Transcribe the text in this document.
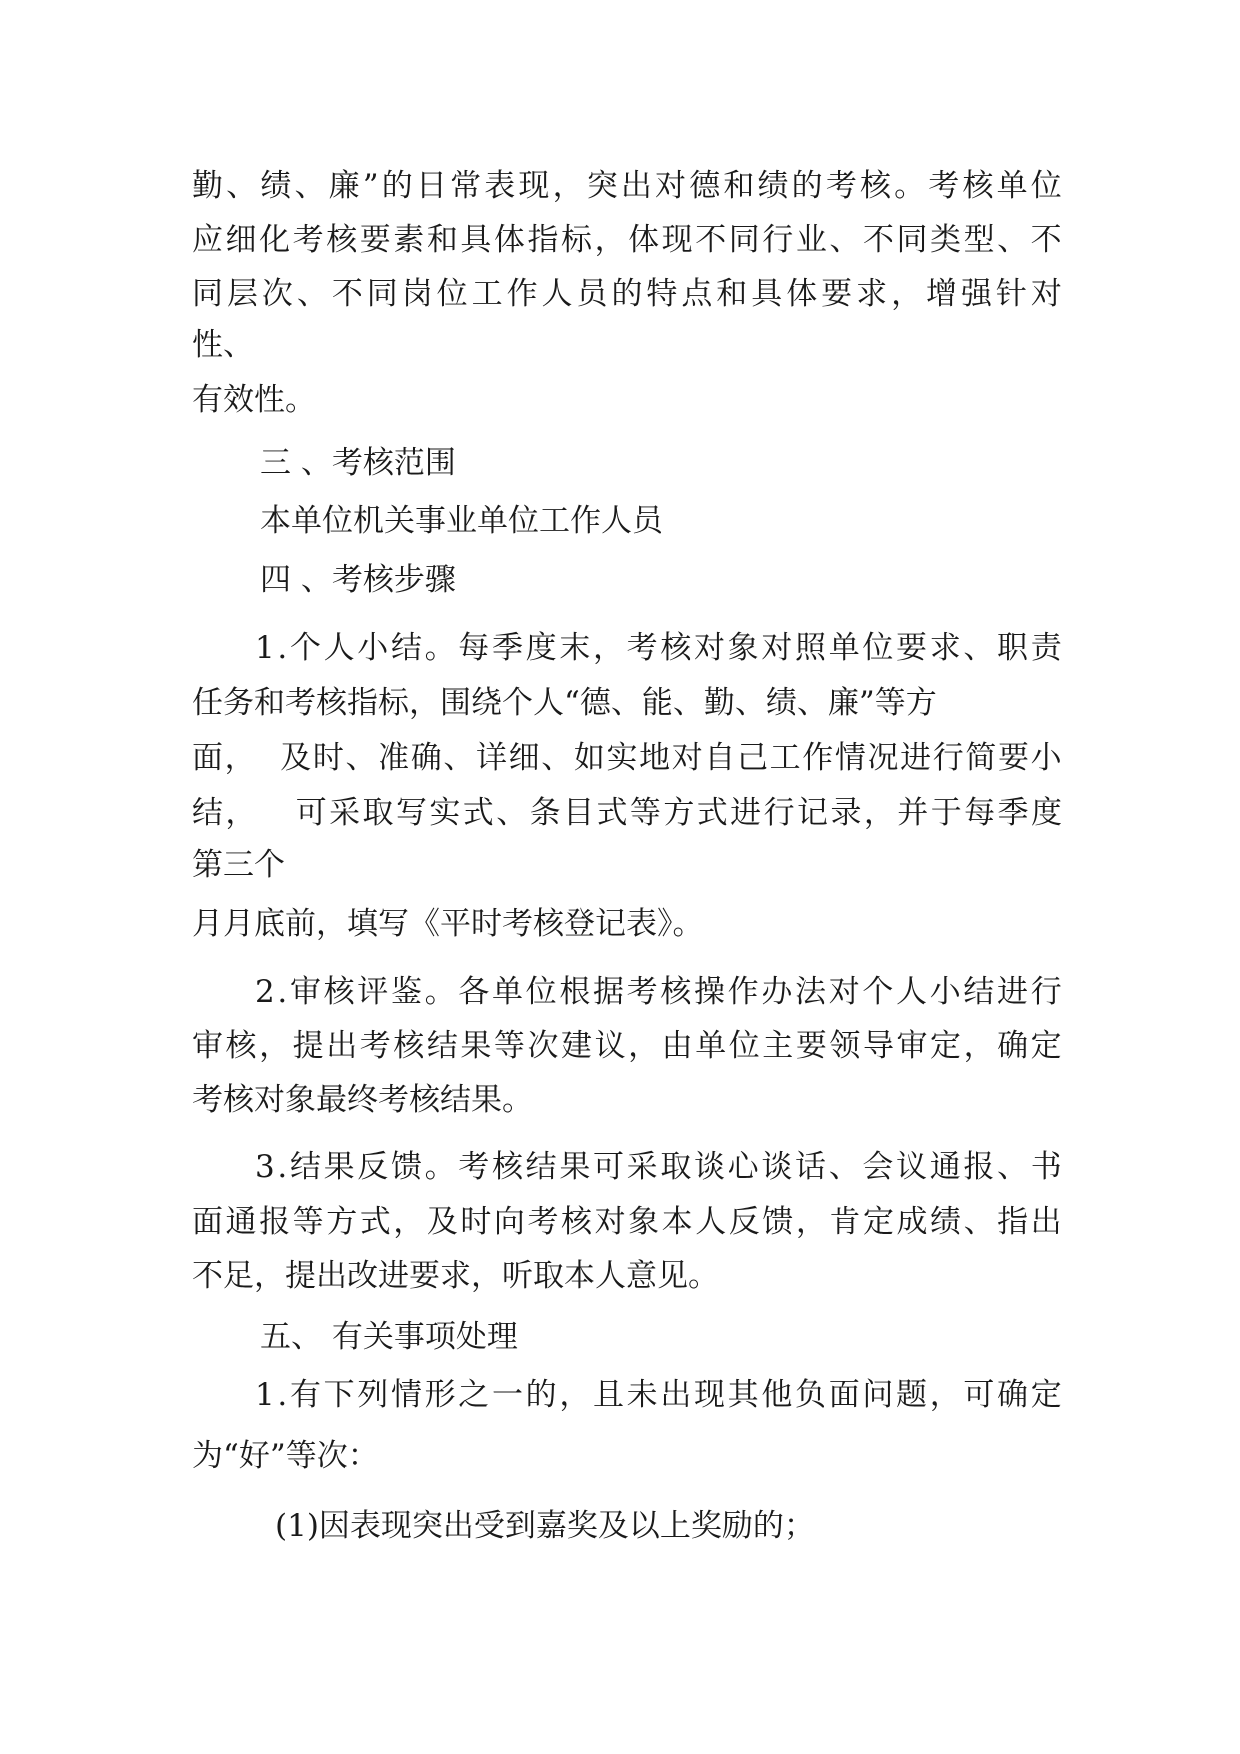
勤 、 绩 、 廉 ” 的 日 常 表 现 ， 突 出 对 德 和 绩 的 考 核 。 考 核 单 位
应 细 化 考 核 要 素 和 具 体 指 标 ， 体 现 不 同 行 业 、 不 同 类 型 、 不
同 层 次 、 不 同 岗 位 工 作 人 员 的 特 点 和 具 体 要 求 ， 增 强 针 对
性、
有效性。
三 、考核范围
本单位机关事业单位工作人员
四 、考核步骤
1 . 个 人 小 结 。 每 季 度 末 ， 考 核 对 象 对 照 单 位 要 求 、 职 责
任务和考核指标，围绕个人“德、能、勤、绩、廉”等方
面 ，

及 时 、 准 确 、 详 细 、 如 实 地 对 自 己 工 作 情 况 进 行 简 要 小
结 ，

可 采 取 写 实 式 、 条 目 式 等 方 式 进 行 记 录 ， 并 于 每 季 度
第三个
月月底前，填写《平时考核登记表》。
2 . 审 核 评 鉴 。 各 单 位 根 据 考 核 操 作 办 法 对 个 人 小 结 进 行
审 核 ， 提 出 考 核 结 果 等 次 建 议 ， 由 单 位 主 要 领 导 审 定 ， 确 定
考核对象最终考核结果。
3 . 结 果 反 馈 。 考 核 结 果 可 采 取 谈 心 谈 话 、 会 议 通 报 、 书
面 通 报 等 方 式 ， 及 时 向 考 核 对 象 本 人 反 馈 ， 肯 定 成 绩 、 指 出
不足，提出改进要求，听取本人意见。
五、 有关事项处理
1 . 有 下 列 情 形 之 一 的 ， 且 未 出 现 其 他 负 面 问 题 ， 可 确 定
为“好”等次：
(1)因表现突出受到嘉奖及以上奖励的；
